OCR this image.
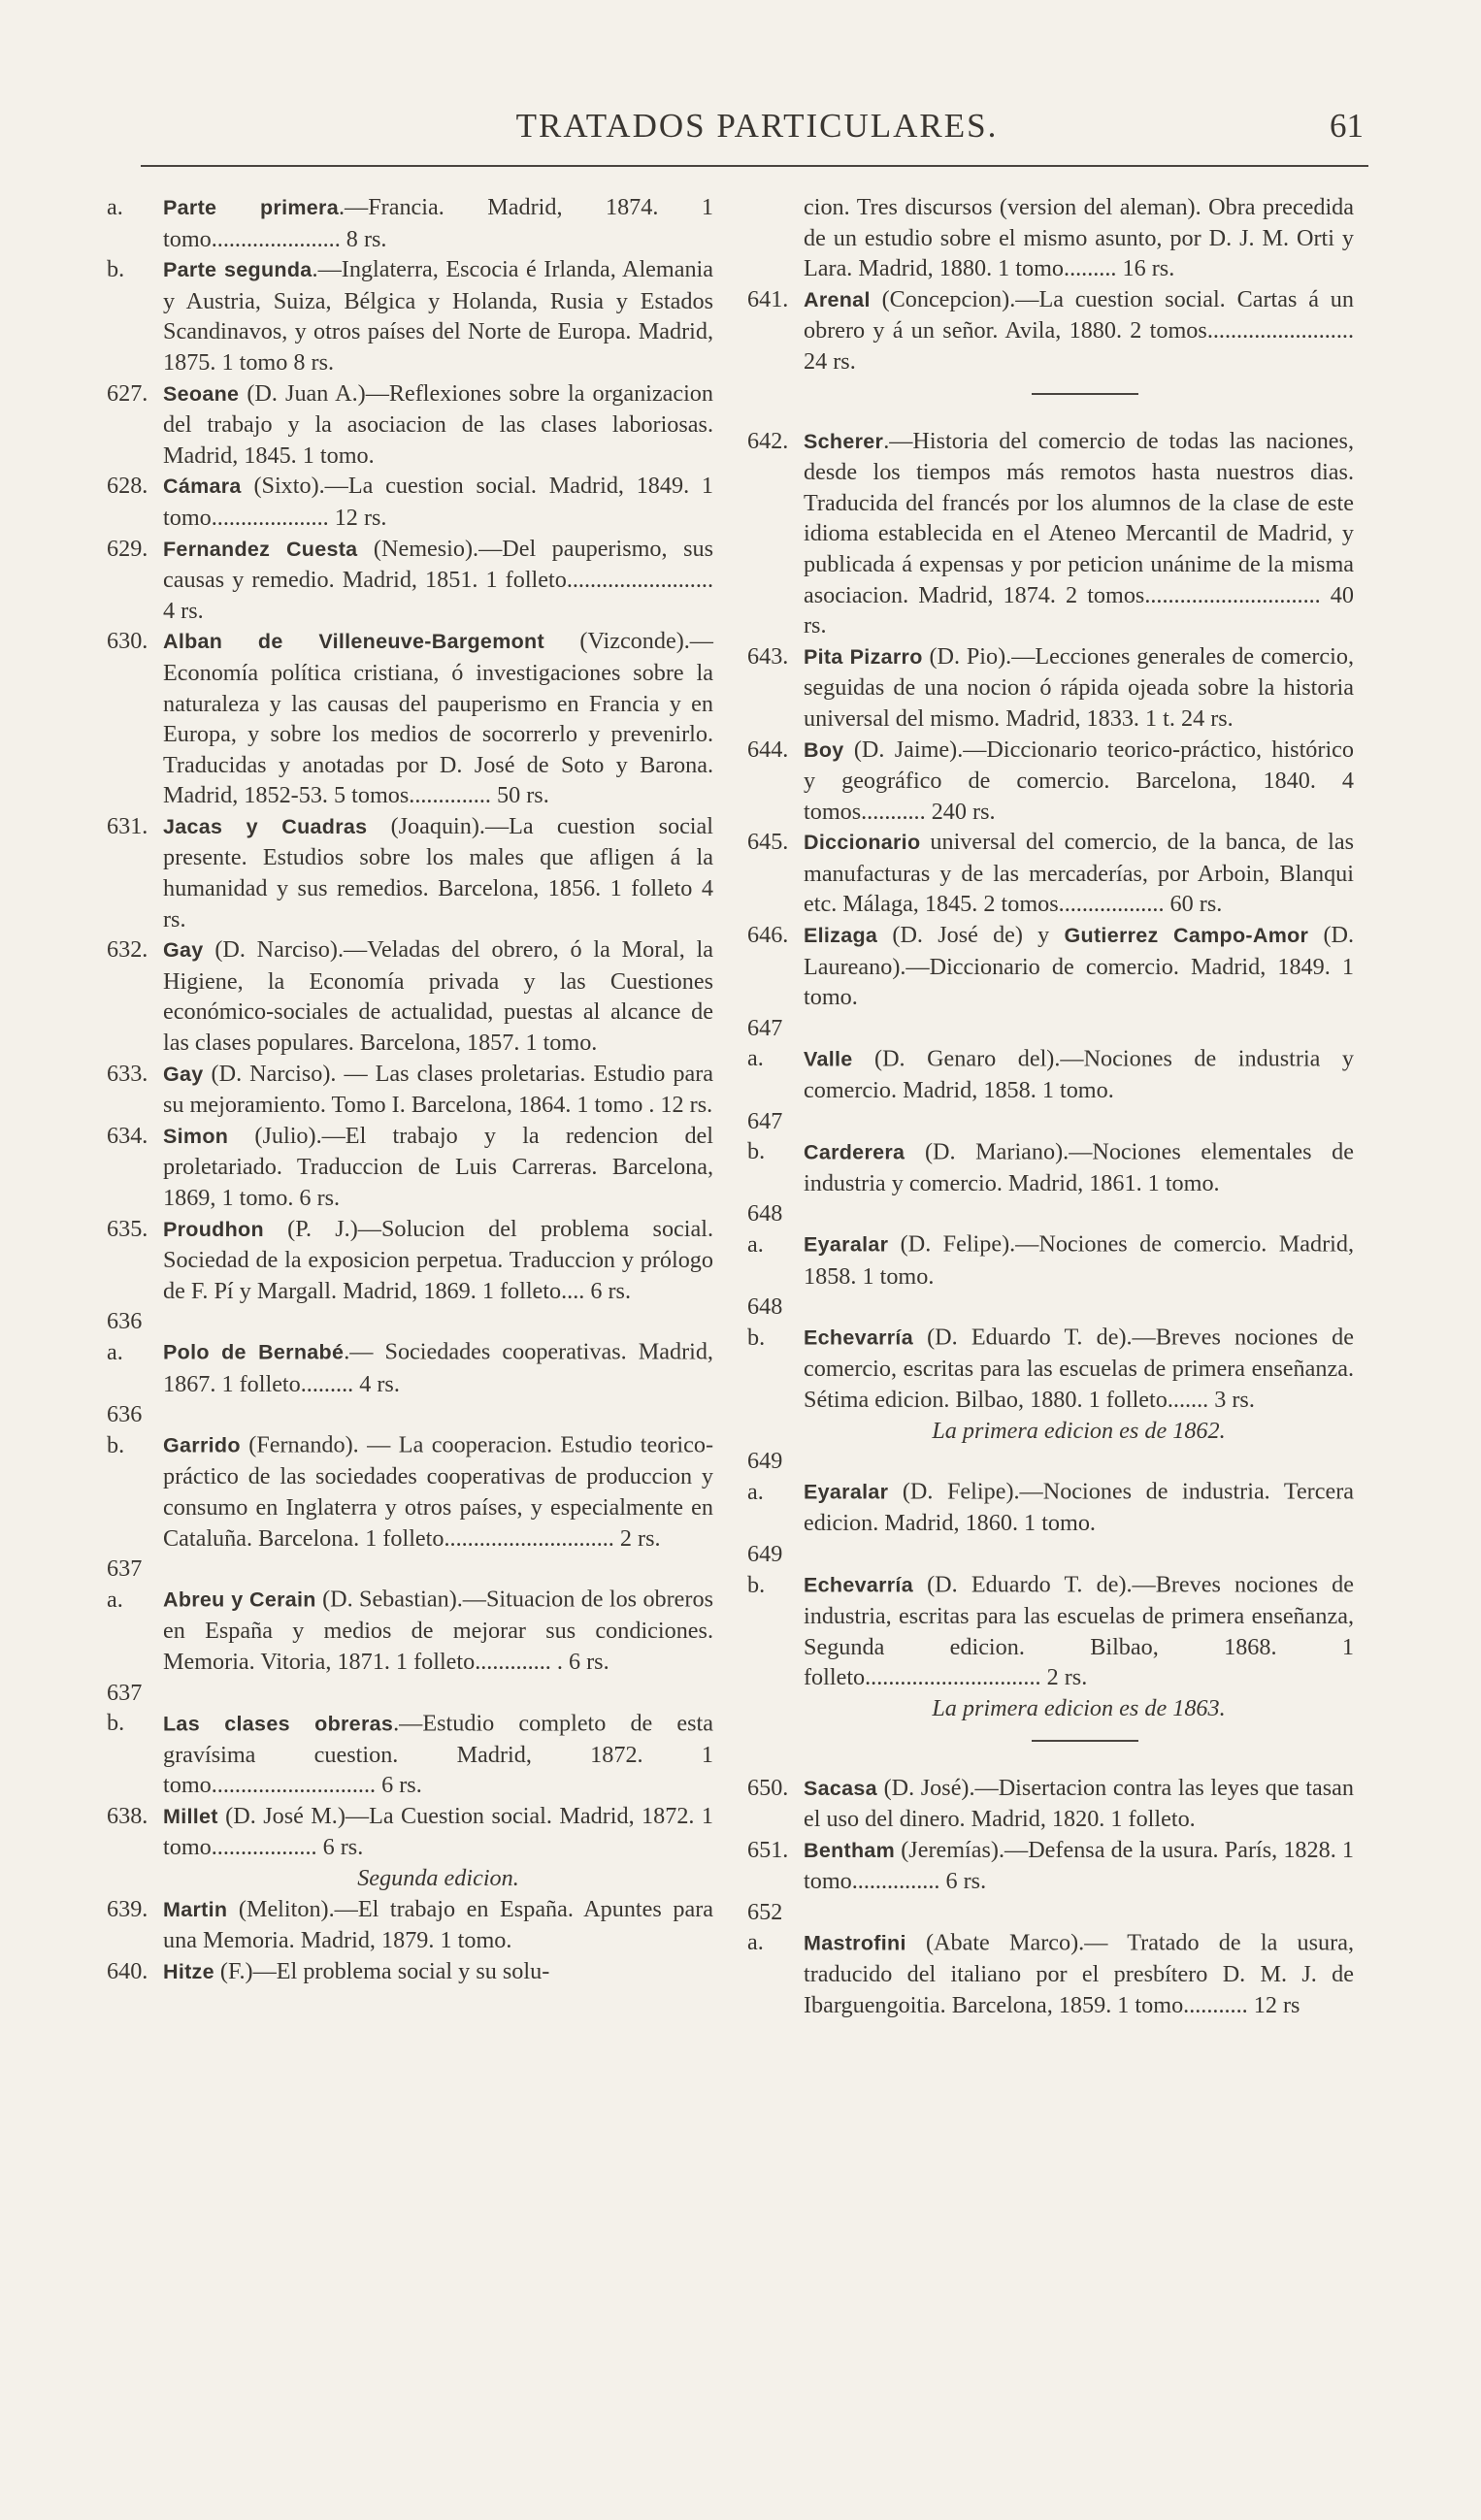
TRATADOS PARTICULARES.	61
a. Parte primera.—Francia. Madrid, 1874. 1 tomo...................... 8 rs.
b. Parte segunda.—Inglaterra, Escocia é Irlanda, Alemania y Austria, Suiza, Bélgica y Holanda, Rusia y Estados Scandinavos, y otros países del Norte de Europa. Madrid, 1875. 1 tomo 8 rs.
627. Seoane (D. Juan A.)—Reflexiones sobre la organizacion del trabajo y la asociacion de las clases laboriosas. Madrid, 1845. 1 tomo.
628. Cámara (Sixto).—La cuestion social. Madrid, 1849. 1 tomo.................... 12 rs.
629. Fernandez Cuesta (Nemesio).—Del pauperismo, sus causas y remedio. Madrid, 1851. 1 folleto......................... 4 rs.
630. Alban de Villeneuve-Bargemont (Vizconde).—Economía política cristiana, ó investigaciones sobre la naturaleza y las causas del pauperismo en Francia y en Europa, y sobre los medios de socorrerlo y prevenirlo. Traducidas y anotadas por D. José de Soto y Barona. Madrid, 1852-53. 5 tomos.............. 50 rs.
631. Jacas y Cuadras (Joaquin).—La cuestion social presente. Estudios sobre los males que afligen á la humanidad y sus remedios. Barcelona, 1856. 1 folleto 4 rs.
632. Gay (D. Narciso).—Veladas del obrero, ó la Moral, la Higiene, la Economía privada y las Cuestiones económico-sociales de actualidad, puestas al alcance de las clases populares. Barcelona, 1857. 1 tomo.
633. Gay (D. Narciso). — Las clases proletarias. Estudio para su mejoramiento. Tomo I. Barcelona, 1864. 1 tomo . 12 rs.
634. Simon (Julio).—El trabajo y la redencion del proletariado. Traduccion de Luis Carreras. Barcelona, 1869, 1 tomo. 6 rs.
635. Proudhon (P. J.)—Solucion del problema social. Sociedad de la exposicion perpetua. Traduccion y prólogo de F. Pí y Margall. Madrid, 1869. 1 folleto.... 6 rs.
636 a. Polo de Bernabé.— Sociedades cooperativas. Madrid, 1867. 1 folleto......... 4 rs.
636 b. Garrido (Fernando). — La cooperacion. Estudio teorico-práctico de las sociedades cooperativas de produccion y consumo en Inglaterra y otros países, y especialmente en Cataluña. Barcelona. 1 folleto............................. 2 rs.
637 a. Abreu y Cerain (D. Sebastian).—Situacion de los obreros en España y medios de mejorar sus condiciones. Memoria. Vitoria, 1871. 1 folleto............. . 6 rs.
637 b. Las clases obreras.—Estudio completo de esta gravísima cuestion. Madrid, 1872. 1 tomo............................ 6 rs.
638. Millet (D. José M.)—La Cuestion social. Madrid, 1872. 1 tomo.................. 6 rs.
Segunda edicion.
639. Martin (Meliton).—El trabajo en España. Apuntes para una Memoria. Madrid, 1879. 1 tomo.
640. Hitze (F.)—El problema social y su solu-
cion. Tres discursos (version del aleman). Obra precedida de un estudio sobre el mismo asunto, por D. J. M. Orti y Lara. Madrid, 1880. 1 tomo......... 16 rs.
641. Arenal (Concepcion).—La cuestion social. Cartas á un obrero y á un señor. Avila, 1880. 2 tomos......................... 24 rs.
642. Scherer.—Historia del comercio de todas las naciones, desde los tiempos más remotos hasta nuestros dias. Traducida del francés por los alumnos de la clase de este idioma establecida en el Ateneo Mercantil de Madrid, y publicada á expensas y por peticion unánime de la misma asociacion. Madrid, 1874. 2 tomos.............................. 40 rs.
643. Pita Pizarro (D. Pio).—Lecciones generales de comercio, seguidas de una nocion ó rápida ojeada sobre la historia universal del mismo. Madrid, 1833. 1 t. 24 rs.
644. Boy (D. Jaime).—Diccionario teorico-práctico, histórico y geográfico de comercio. Barcelona, 1840. 4 tomos........... 240 rs.
645. Diccionario universal del comercio, de la banca, de las manufacturas y de las mercaderías, por Arboin, Blanqui etc. Málaga, 1845. 2 tomos.................. 60 rs.
646. Elizaga (D. José de) y Gutierrez Campo-Amor (D. Laureano).—Diccionario de comercio. Madrid, 1849. 1 tomo.
647 a. Valle (D. Genaro del).—Nociones de industria y comercio. Madrid, 1858. 1 tomo.
647 b. Carderera (D. Mariano).—Nociones elementales de industria y comercio. Madrid, 1861. 1 tomo.
648 a. Eyaralar (D. Felipe).—Nociones de comercio. Madrid, 1858. 1 tomo.
648 b. Echevarría (D. Eduardo T. de).—Breves nociones de comercio, escritas para las escuelas de primera enseñanza. Sétima edicion. Bilbao, 1880. 1 folleto....... 3 rs.
La primera edicion es de 1862.
649 a. Eyaralar (D. Felipe).—Nociones de industria. Tercera edicion. Madrid, 1860. 1 tomo.
649 b. Echevarría (D. Eduardo T. de).—Breves nociones de industria, escritas para las escuelas de primera enseñanza, Segunda edicion. Bilbao, 1868. 1 folleto.............................. 2 rs.
La primera edicion es de 1863.
650. Sacasa (D. José).—Disertacion contra las leyes que tasan el uso del dinero. Madrid, 1820. 1 folleto.
651. Bentham (Jeremías).—Defensa de la usura. París, 1828. 1 tomo............... 6 rs.
652 a. Mastrofini (Abate Marco).— Tratado de la usura, traducido del italiano por el presbítero D. M. J. de Ibarguengoitia. Barcelona, 1859. 1 tomo........... 12 rs
